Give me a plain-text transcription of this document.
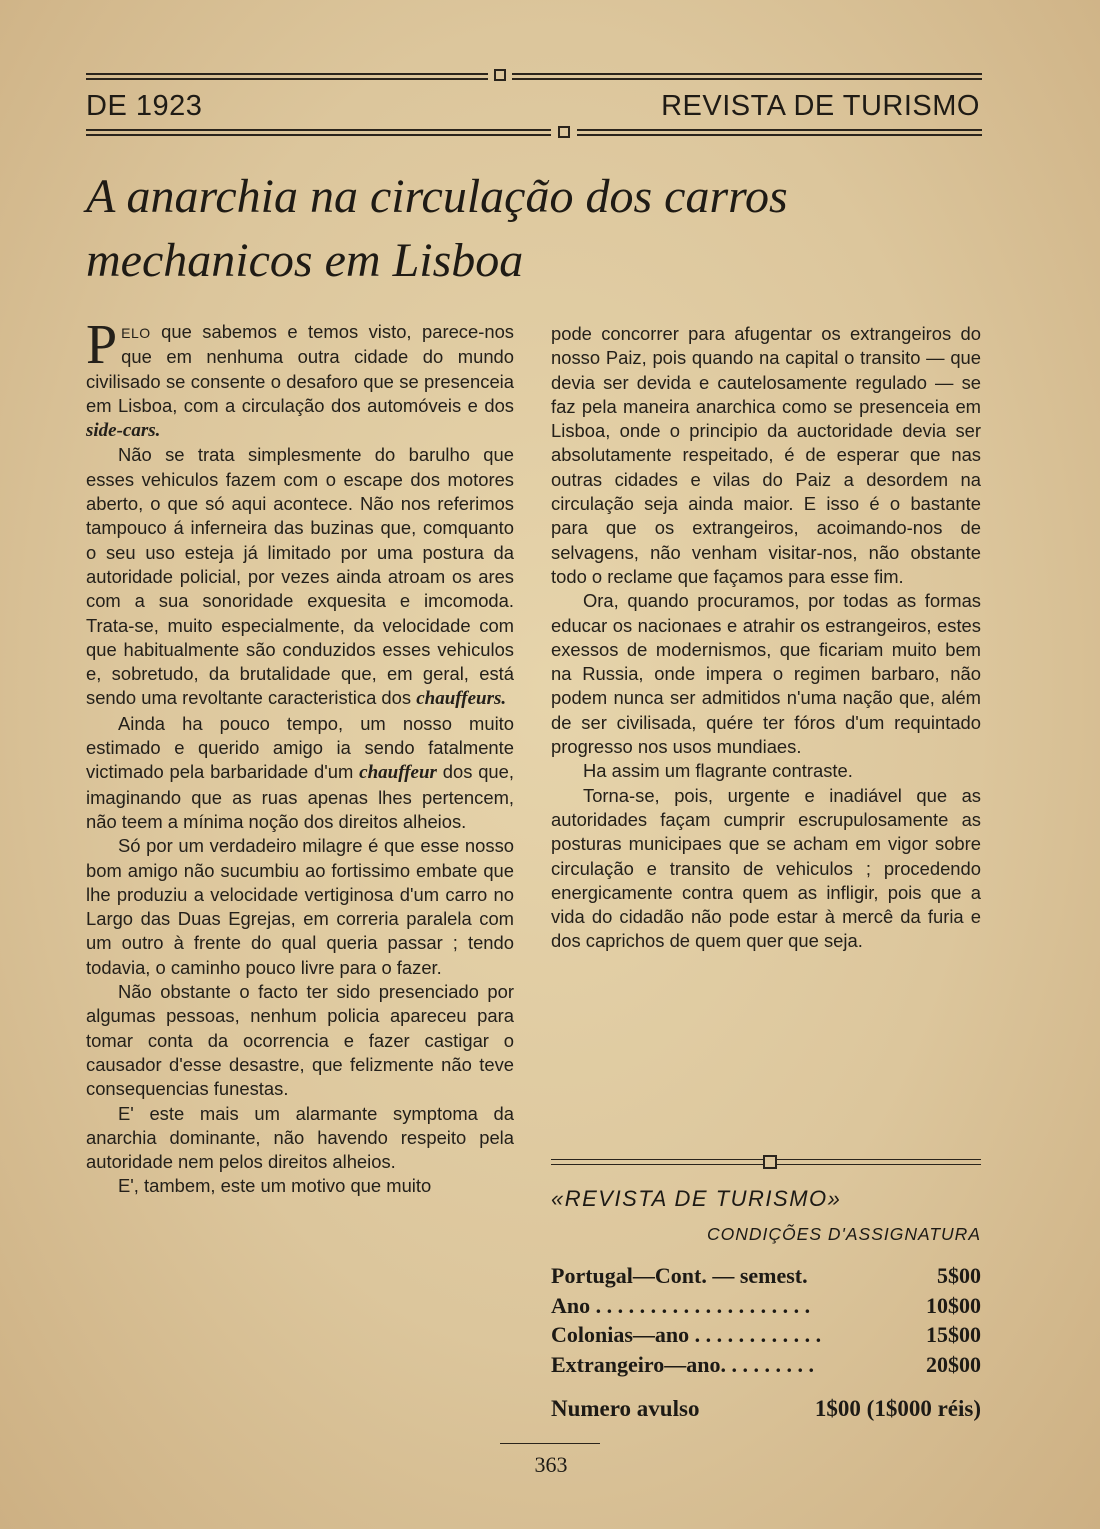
DE 1923	REVISTA DE TURISMO
A anarchia na circulação dos carros

mechanicos em Lisboa

PELO que sabemos e temos visto, parece-nos que em nenhuma outra cidade do mundo civilisado se consente o desaforo que se presenceia em Lisboa, com a circulação dos automóveis e dos side-cars.

Não se trata simplesmente do barulho que esses vehiculos fazem com o escape dos motores aberto, o que só aqui acontece. Não nos referimos tampouco á inferneira das buzinas que, comquanto o seu uso esteja já limitado por uma postura da autoridade policial, por vezes ainda atroam os ares com a sua sonoridade exquesita e imcomoda. Trata-se, muito especialmente, da velocidade com que habitualmente são conduzidos esses vehiculos e, sobretudo, da brutalidade que, em geral, está sendo uma revoltante caracteristica dos chauffeurs.

Ainda ha pouco tempo, um nosso muito estimado e querido amigo ia sendo fatalmente victimado pela barbaridade d'um chauffeur dos que, imaginando que as ruas apenas lhes pertencem, não teem a mínima noção dos direitos alheios.

Só por um verdadeiro milagre é que esse nosso bom amigo não sucumbiu ao fortissimo embate que lhe produziu a velocidade vertiginosa d'um carro no Largo das Duas Egrejas, em correria paralela com um outro à frente do qual queria passar ; tendo todavia, o caminho pouco livre para o fazer.

Não obstante o facto ter sido presenciado por algumas pessoas, nenhum policia apareceu para tomar conta da ocorrencia e fazer castigar o causador d'esse desastre, que felizmente não teve consequencias funestas.

E' este mais um alarmante symptoma da anarchia dominante, não havendo respeito pela autoridade nem pelos direitos alheios.

E', tambem, este um motivo que muito

pode concorrer para afugentar os extrangeiros do nosso Paiz, pois quando na capital o transito — que devia ser devida e cautelosamente regulado — se faz pela maneira anarchica como se presenceia em Lisboa, onde o principio da auctoridade devia ser absolutamente respeitado, é de esperar que nas outras cidades e vilas do Paiz a desordem na circulação seja ainda maior. E isso é o bastante para que os extrangeiros, acoimando-nos de selvagens, não venham visitar-nos, não obstante todo o reclame que façamos para esse fim.

Ora, quando procuramos, por todas as formas educar os nacionaes e atrahir os estrangeiros, estes exessos de modernismos, que ficariam muito bem na Russia, onde impera o regimen barbaro, não podem nunca ser admitidos n'uma nação que, além de ser civilisada, quére ter fóros d'um requintado progresso nos usos mundiaes.

Ha assim um flagrante contraste.

Torna-se, pois, urgente e inadiável que as autoridades façam cumprir escrupulosamente as posturas municipaes que se acham em vigor sobre circulação e transito de vehiculos ; procedendo energicamente contra quem as infligir, pois que a vida do cidadão não pode estar à mercê da furia e dos caprichos de quem quer que seja.

«REVISTA DE TURISMO»
CONDIÇÕES D'ASSIGNATURA
Portugal—Cont. — semest.	5$00
Ano . . . . . . . . . . . . . . . . . . . .	10$00
Colonias—ano . . . . . . . . . . . .	15$00
Extrangeiro—ano. . . . . . . . .	20$00
Numero avulso	1$00 (1$000 réis)
363
